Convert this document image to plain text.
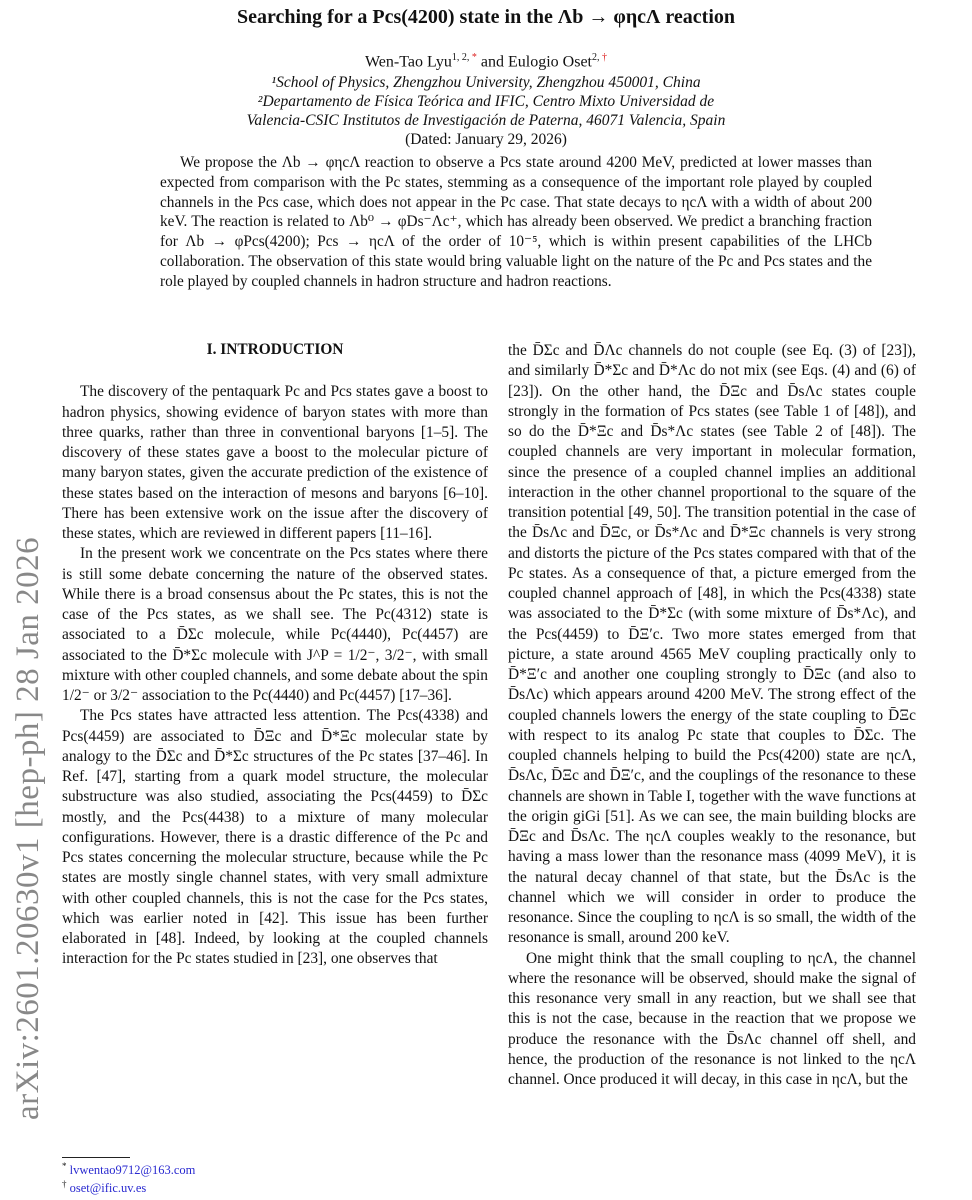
arXiv:2601.20630v1 [hep-ph] 28 Jan 2026
Searching for a Pcs(4200) state in the Λb → φηcΛ reaction
Wen-Tao Lyu$^{1, 2, *}$ and Eulogio Oset$^{2, \dagger}$
¹School of Physics, Zhengzhou University, Zhengzhou 450001, China
²Departamento de Física Teórica and IFIC, Centro Mixto Universidad de
Valencia-CSIC Institutos de Investigación de Paterna, 46071 Valencia, Spain
(Dated: January 29, 2026)
We propose the Λb → φηcΛ reaction to observe a Pcs state around 4200 MeV, predicted at lower masses than expected from comparison with the Pc states, stemming as a consequence of the important role played by coupled channels in the Pcs case, which does not appear in the Pc case. That state decays to ηcΛ with a width of about 200 keV. The reaction is related to Λb⁰ → φDs⁻Λc⁺, which has already been observed. We predict a branching fraction for Λb → φPcs(4200); Pcs → ηcΛ of the order of 10⁻⁵, which is within present capabilities of the LHCb collaboration. The observation of this state would bring valuable light on the nature of the Pc and Pcs states and the role played by coupled channels in hadron structure and hadron reactions.

I. INTRODUCTION

The discovery of the pentaquark Pc and Pcs states gave a boost to hadron physics, showing evidence of baryon states with more than three quarks, rather than three in conventional baryons [1–5]. The discovery of these states gave a boost to the molecular picture of many baryon states, given the accurate prediction of the existence of these states based on the interaction of mesons and baryons [6–10]. There has been extensive work on the issue after the discovery of these states, which are reviewed in different papers [11–16].

In the present work we concentrate on the Pcs states where there is still some debate concerning the nature of the observed states. While there is a broad consensus about the Pc states, this is not the case of the Pcs states, as we shall see. The Pc(4312) state is associated to a D̄Σc molecule, while Pc(4440), Pc(4457) are associated to the D̄*Σc molecule with J^P = 1/2⁻, 3/2⁻, with small mixture with other coupled channels, and some debate about the spin 1/2⁻ or 3/2⁻ association to the Pc(4440) and Pc(4457) [17–36].

The Pcs states have attracted less attention. The Pcs(4338) and Pcs(4459) are associated to D̄Ξc and D̄*Ξc molecular state by analogy to the D̄Σc and D̄*Σc structures of the Pc states [37–46]. In Ref. [47], starting from a quark model structure, the molecular substructure was also studied, associating the Pcs(4459) to D̄Σc mostly, and the Pcs(4438) to a mixture of many molecular configurations. However, there is a drastic difference of the Pc and Pcs states concerning the molecular structure, because while the Pc states are mostly single channel states, with very small admixture with other coupled channels, this is not the case for the Pcs states, which was earlier noted in [42]. This issue has been further elaborated in [48]. Indeed, by looking at the coupled channels interaction for the Pc states studied in [23], one observes that

the D̄Σc and D̄Λc channels do not couple (see Eq. (3) of [23]), and similarly D̄*Σc and D̄*Λc do not mix (see Eqs. (4) and (6) of [23]). On the other hand, the D̄Ξc and D̄sΛc states couple strongly in the formation of Pcs states (see Table 1 of [48]), and so do the D̄*Ξc and D̄s*Λc states (see Table 2 of [48]). The coupled channels are very important in molecular formation, since the presence of a coupled channel implies an additional interaction in the other channel proportional to the square of the transition potential [49, 50]. The transition potential in the case of the D̄sΛc and D̄Ξc, or D̄s*Λc and D̄*Ξc channels is very strong and distorts the picture of the Pcs states compared with that of the Pc states. As a consequence of that, a picture emerged from the coupled channel approach of [48], in which the Pcs(4338) state was associated to the D̄*Σc (with some mixture of D̄s*Λc), and the Pcs(4459) to D̄Ξ′c. Two more states emerged from that picture, a state around 4565 MeV coupling practically only to D̄*Ξ′c and another one coupling strongly to D̄Ξc (and also to D̄sΛc) which appears around 4200 MeV. The strong effect of the coupled channels lowers the energy of the state coupling to D̄Ξc with respect to its analog Pc state that couples to D̄Σc. The coupled channels helping to build the Pcs(4200) state are ηcΛ, D̄sΛc, D̄Ξc and D̄Ξ′c, and the couplings of the resonance to these channels are shown in Table I, together with the wave functions at the origin giGi [51]. As we can see, the main building blocks are D̄Ξc and D̄sΛc. The ηcΛ couples weakly to the resonance, but having a mass lower than the resonance mass (4099 MeV), it is the natural decay channel of that state, but the D̄sΛc is the channel which we will consider in order to produce the resonance. Since the coupling to ηcΛ is so small, the width of the resonance is small, around 200 keV.

One might think that the small coupling to ηcΛ, the channel where the resonance will be observed, should make the signal of this resonance very small in any reaction, but we shall see that this is not the case, because in the reaction that we propose we produce the resonance with the D̄sΛc channel off shell, and hence, the production of the resonance is not linked to the ηcΛ channel. Once produced it will decay, in this case in ηcΛ, but the

* lvwentao9712@163.com
† oset@ific.uv.es
